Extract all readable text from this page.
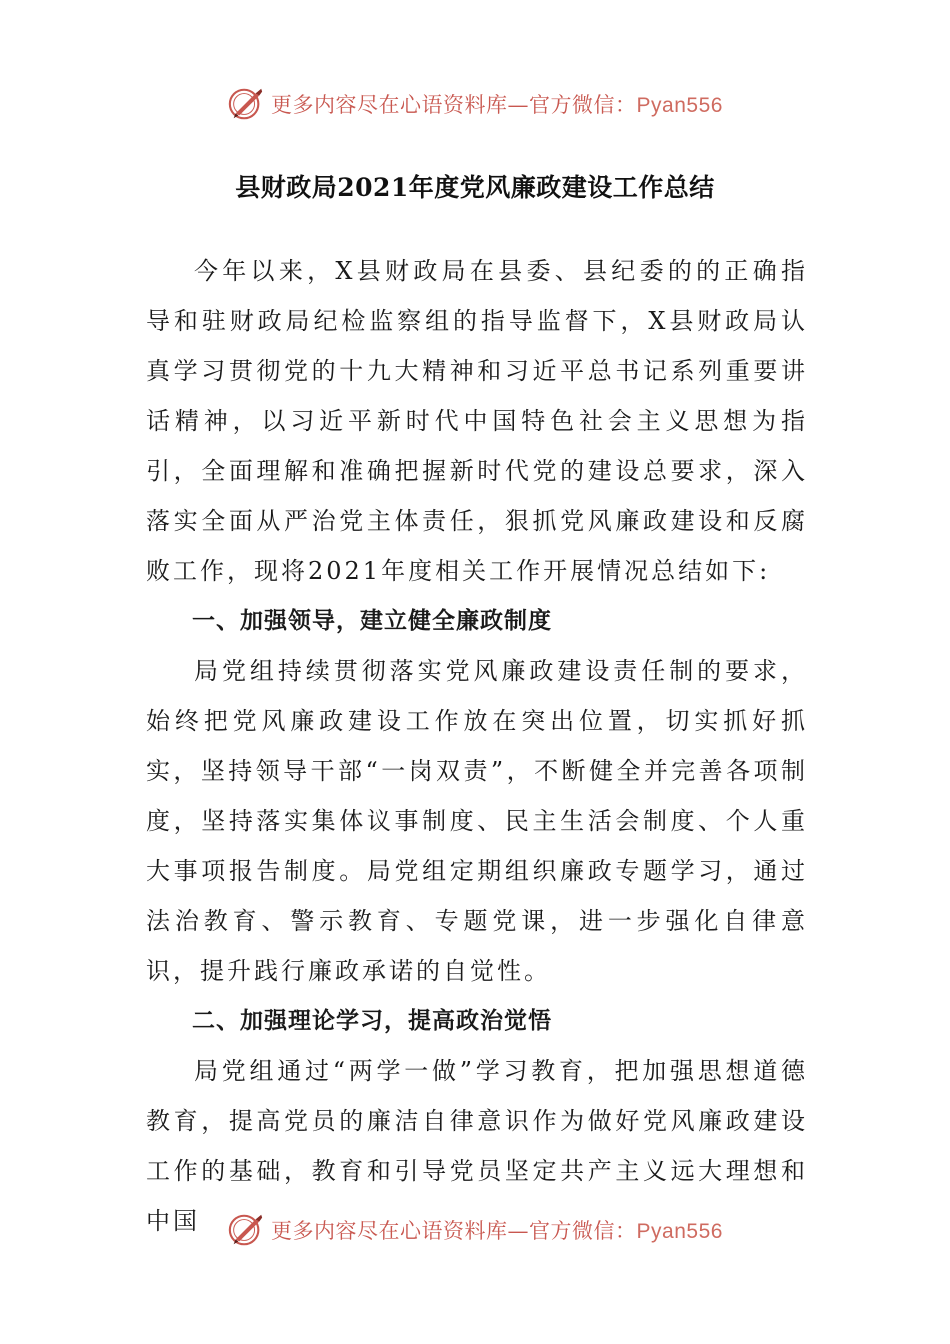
更多内容尽在心语资料库—官方微信：Pyan556
县财政局2021年度党风廉政建设工作总结

今年以来，X县财政局在县委、县纪委的的正确指导和驻财政局纪检监察组的指导监督下，X县财政局认真学习贯彻党的十九大精神和习近平总书记系列重要讲话精神，以习近平新时代中国特色社会主义思想为指引，全面理解和准确把握新时代党的建设总要求，深入落实全面从严治党主体责任，狠抓党风廉政建设和反腐败工作，现将2021年度相关工作开展情况总结如下:

一、加强领导，建立健全廉政制度

局党组持续贯彻落实党风廉政建设责任制的要求，始终把党风廉政建设工作放在突出位置，切实抓好抓实，坚持领导干部“一岗双责”，不断健全并完善各项制度，坚持落实集体议事制度、民主生活会制度、个人重大事项报告制度。局党组定期组织廉政专题学习，通过法治教育、警示教育、专题党课，进一步强化自律意识，提升践行廉政承诺的自觉性。

二、加强理论学习，提高政治觉悟

局党组通过“两学一做”学习教育，把加强思想道德教育，提高党员的廉洁自律意识作为做好党风廉政建设工作的基础，教育和引导党员坚定共产主义远大理想和中国	更多内容尽在心语资料库—官方微信：Pyan556
